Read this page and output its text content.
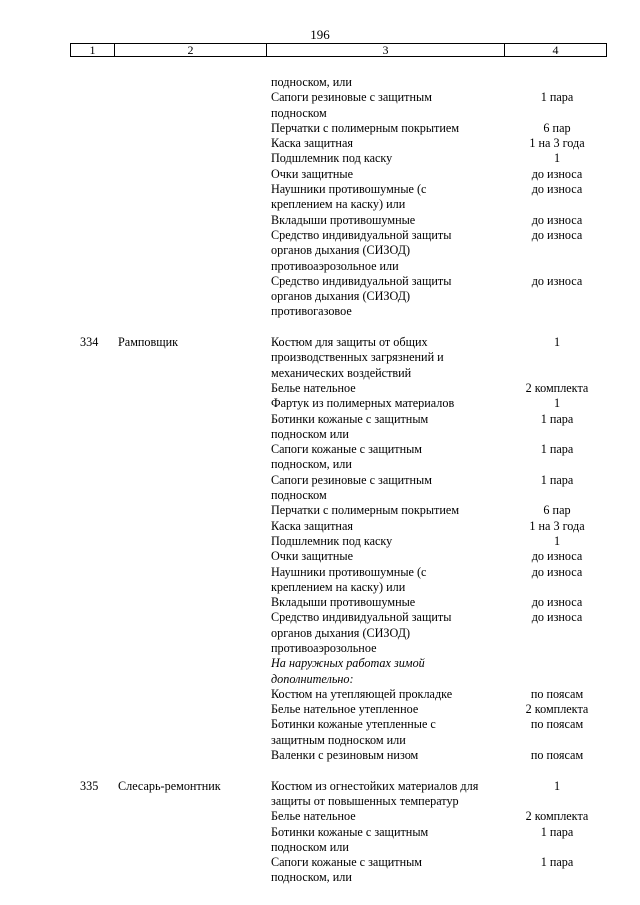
196
1	2	3	4
подноском, или
Сапоги резиновые с защитным	1 пара
подноском
Перчатки с полимерным покрытием	6 пар
Каска защитная	1 на 3 года
Подшлемник под каску	1
Очки защитные	до износа
Наушники противошумные (с	до износа
креплением на каску) или
Вкладыши противошумные	до износа
Средство индивидуальной защиты	до износа
органов дыхания (СИЗОД)
противоаэрозольное или
Средство индивидуальной защиты	до износа
органов дыхания (СИЗОД)
противогазовое
334 Рамповщик	Костюм для защиты от общих	1
производственных загрязнений и
механических воздействий
Белье нательное	2 комплекта
Фартук из полимерных материалов	1
Ботинки кожаные с защитным	1 пара
подноском или
Сапоги кожаные с защитным	1 пара
подноском, или
Сапоги резиновые с защитным	1 пара
подноском
Перчатки с полимерным покрытием	6 пар
Каска защитная	1 на 3 года
Подшлемник под каску	1
Очки защитные	до износа
Наушники противошумные (с	до износа
креплением на каску) или
Вкладыши противошумные	до износа
Средство индивидуальной защиты	до износа
органов дыхания (СИЗОД)
противоаэрозольное
На наружных работах зимой
дополнительно:
Костюм на утепляющей прокладке	по поясам
Белье нательное утепленное	2 комплекта
Ботинки кожаные утепленные с	по поясам
защитным подноском или
Валенки с резиновым низом	по поясам
335 Слесарь-ремонтник	Костюм из огнестойких материалов для	1
защиты от повышенных температур
Белье нательное	2 комплекта
Ботинки кожаные с защитным	1 пара
подноском или
Сапоги кожаные с защитным	1 пара
подноском, или
